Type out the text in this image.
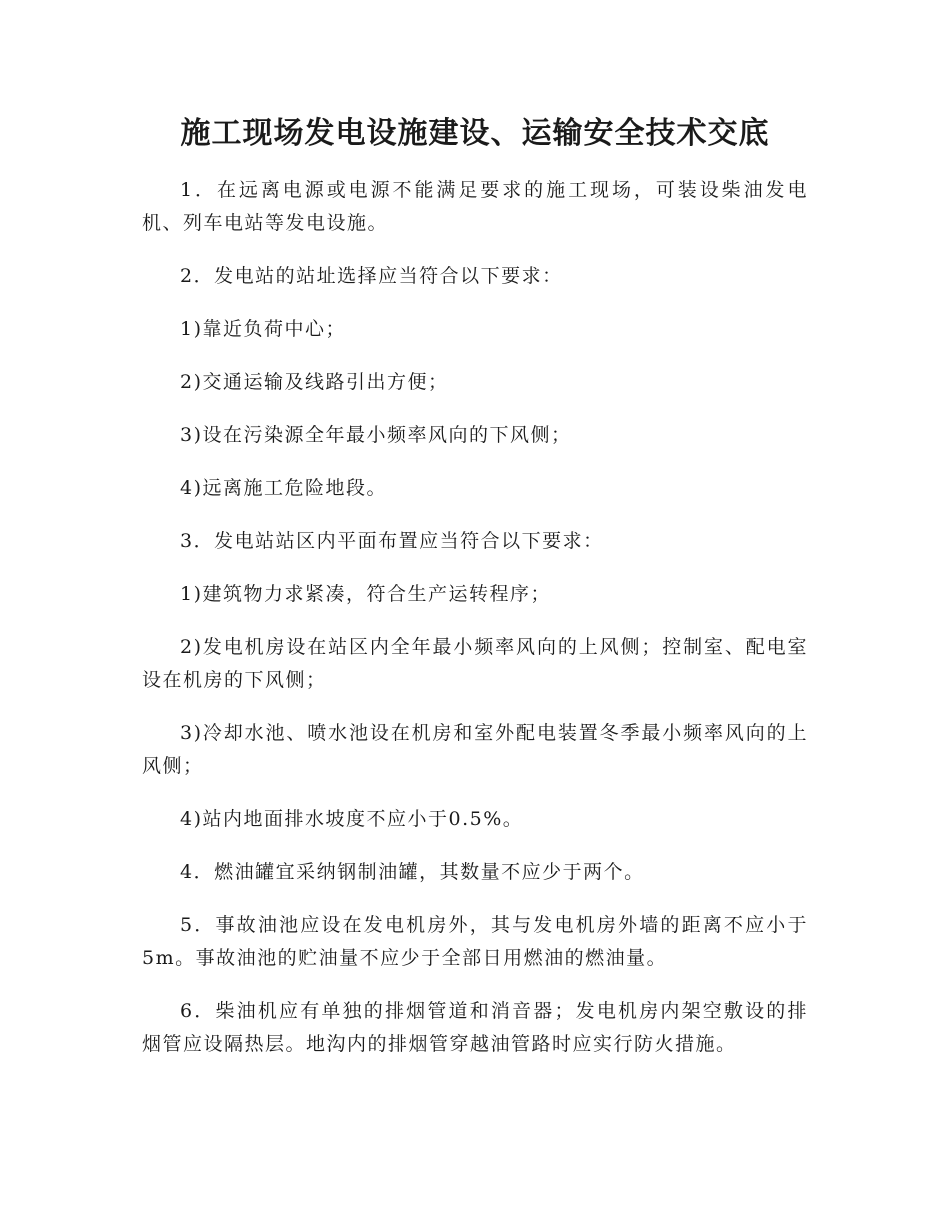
施工现场发电设施建设、运输安全技术交底

1．在远离电源或电源不能满足要求的施工现场，可装设柴油发电机、列车电站等发电设施。

2．发电站的站址选择应当符合以下要求：

1)靠近负荷中心；

2)交通运输及线路引出方便；

3)设在污染源全年最小频率风向的下风侧；

4)远离施工危险地段。

3．发电站站区内平面布置应当符合以下要求：

1)建筑物力求紧凑，符合生产运转程序；

2)发电机房设在站区内全年最小频率风向的上风侧；控制室、配电室设在机房的下风侧；

3)冷却水池、喷水池设在机房和室外配电装置冬季最小频率风向的上风侧；

4)站内地面排水坡度不应小于0.5%。

4．燃油罐宜采纳钢制油罐，其数量不应少于两个。

5．事故油池应设在发电机房外，其与发电机房外墙的距离不应小于5m。事故油池的贮油量不应少于全部日用燃油的燃油量。

6．柴油机应有单独的排烟管道和消音器；发电机房内架空敷设的排烟管应设隔热层。地沟内的排烟管穿越油管路时应实行防火措施。
